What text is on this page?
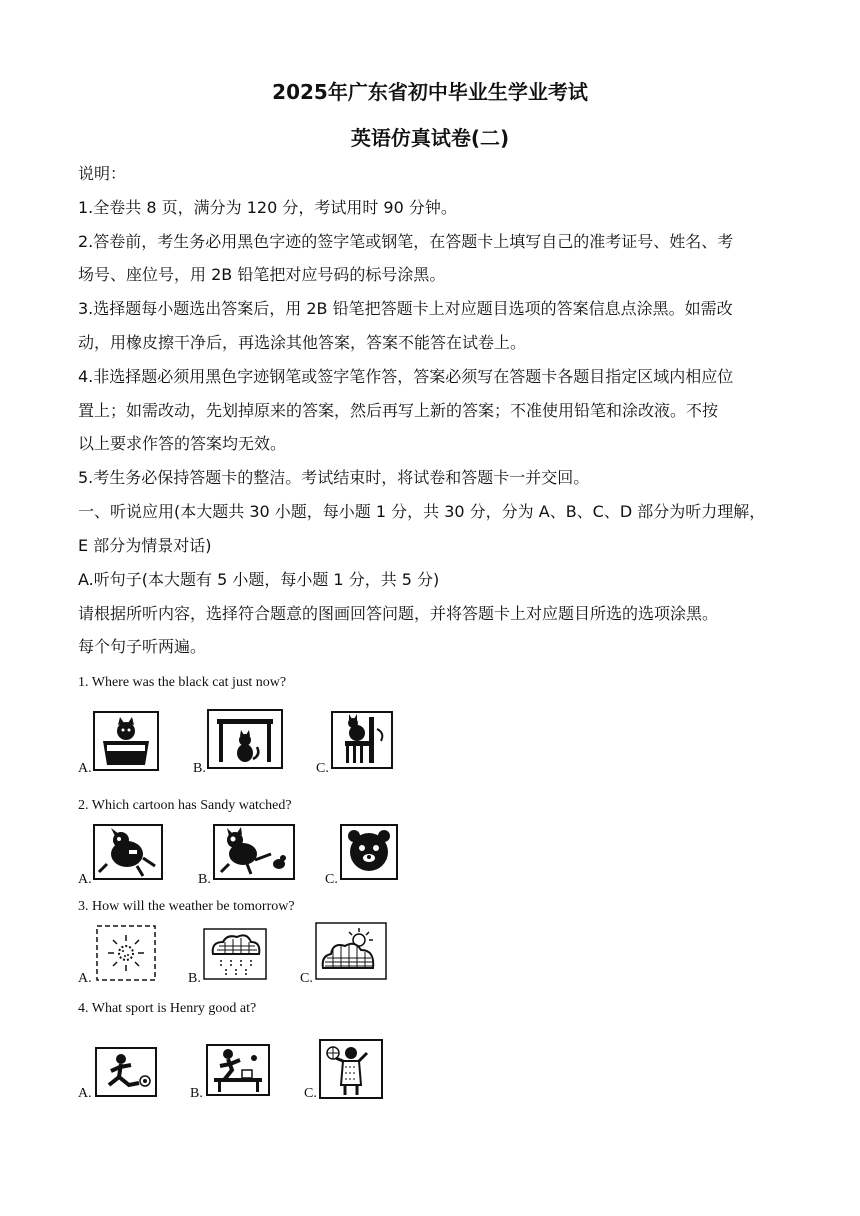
2025年广东省初中毕业生学业考试
英语仿真试卷(二)
说明：
1.全卷共 8 页，满分为 120 分，考试用时 90 分钟。
2.答卷前，考生务必用黑色字迹的签字笔或钢笔，在答题卡上填写自己的准考证号、姓名、考
场号、座位号，用 2B 铅笔把对应号码的标号涂黑。
3.选择题每小题选出答案后，用 2B 铅笔把答题卡上对应题目选项的答案信息点涂黑。如需改
动，用橡皮擦干净后，再选涂其他答案，答案不能答在试卷上。
4.非选择题必须用黑色字迹钢笔或签字笔作答，答案必须写在答题卡各题目指定区域内相应位
置上；如需改动，先划掉原来的答案，然后再写上新的答案；不准使用铅笔和涂改液。不按
以上要求作答的答案均无效。
5.考生务必保持答题卡的整洁。考试结束时，将试卷和答题卡一并交回。
一、听说应用(本大题共 30 小题，每小题 1 分，共 30 分，分为 A、B、C、D 部分为听力理解，
E 部分为情景对话)
A.听句子(本大题有 5 小题，每小题 1 分，共 5 分)
请根据所听内容，选择符合题意的图画回答问题，并将答题卡上对应题目所选的选项涂黑。
每个句子听两遍。
1. Where was the black cat just now?
A.	B.	C.
2. Which cartoon has Sandy watched?
A.	B.	C.
3. How will the weather be tomorrow?
A.	B.	C.
4. What sport is Henry good at?
A.	B.	C.
